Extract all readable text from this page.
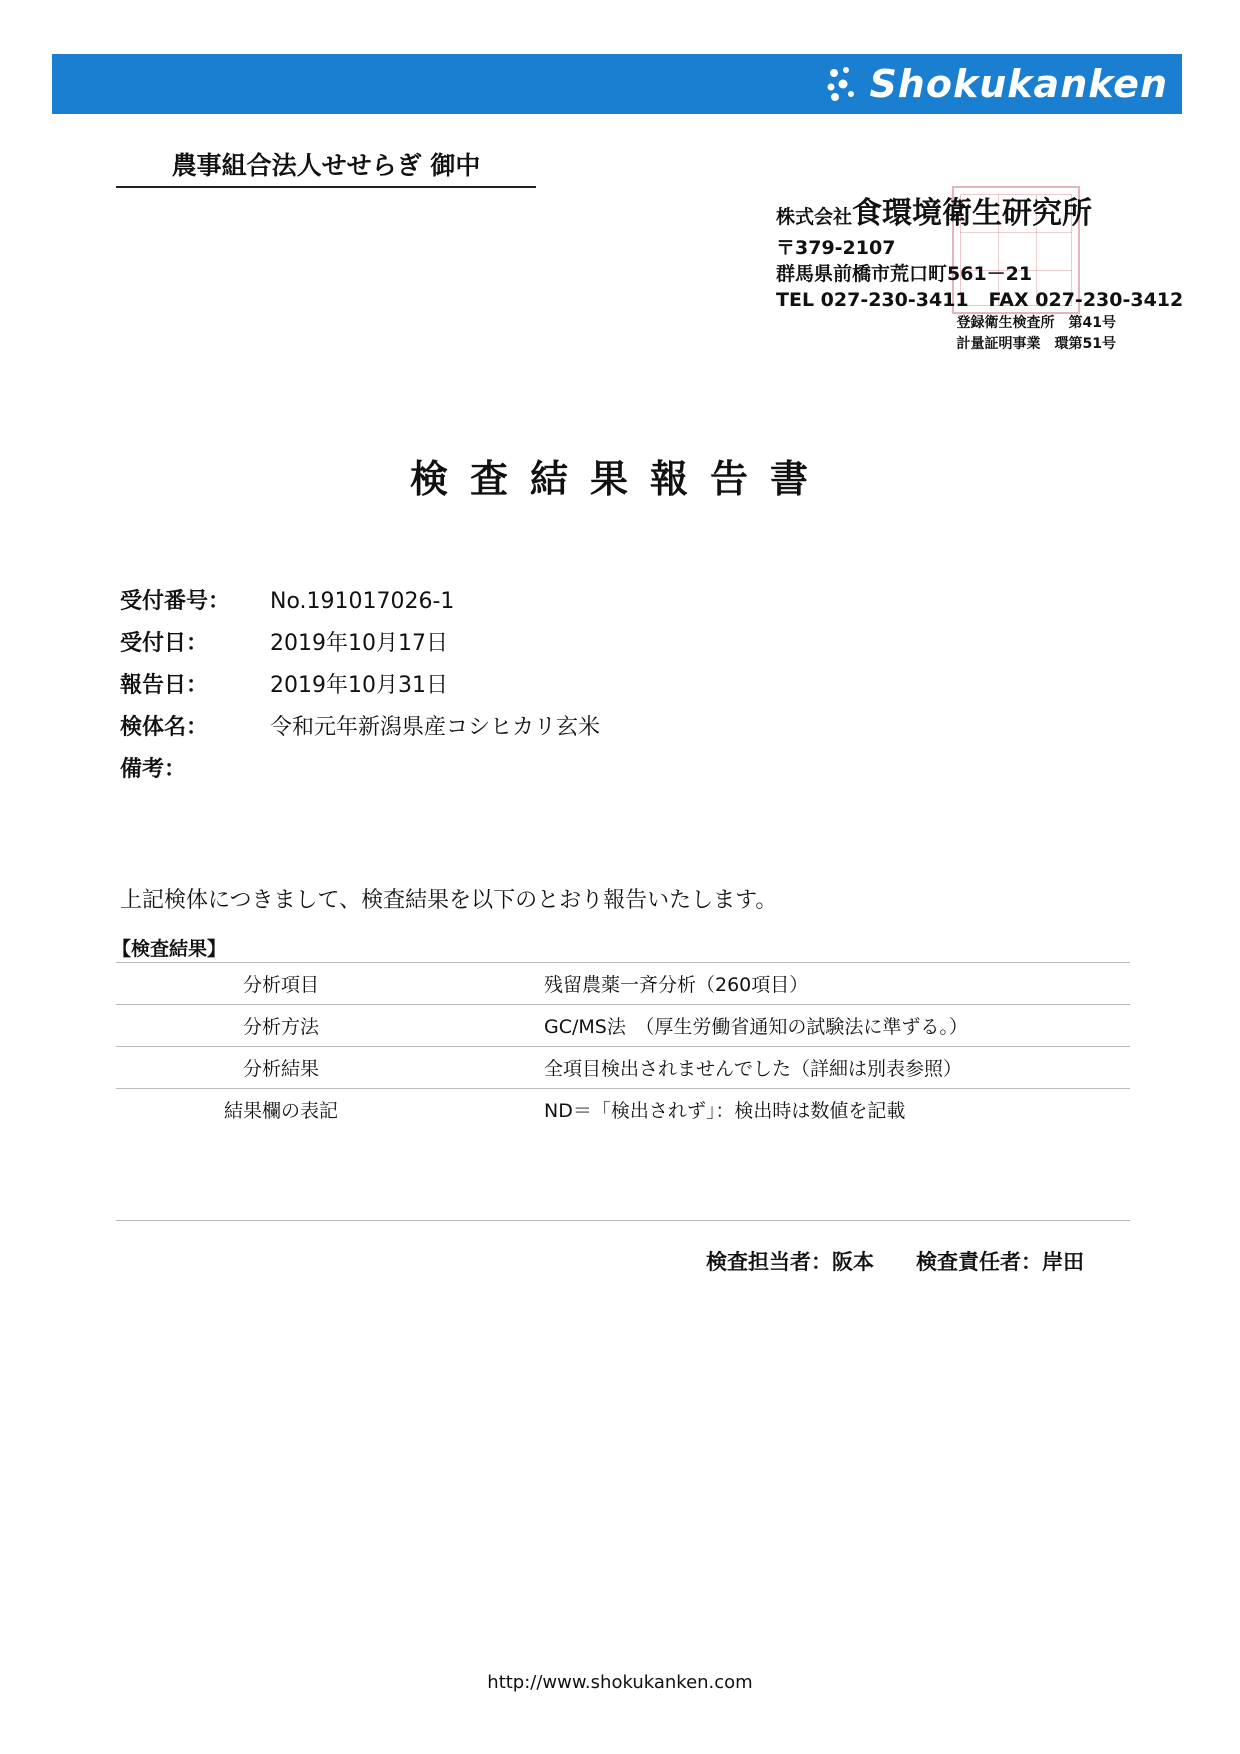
Shokukanken
農事組合法人せせらぎ 御中
株式会社食環境衛生研究所
〒379-2107
群馬県前橋市荒口町561－21
TEL 027-230-3411 FAX 027-230-3412
登録衛生検査所　第41号
計量証明事業　環第51号
検査結果報告書
受付番号： No.191017026-1
受付日：	2019年10月17日
報告日：	2019年10月31日
検体名：	令和元年新潟県産コシヒカリ玄米
備考：
上記検体につきまして、検査結果を以下のとおり報告いたします。
【検査結果】
分析項目	残留農薬一斉分析（260項目）
分析方法	GC/MS法　（厚生労働省通知の試験法に準ずる。）
分析結果	全項目検出されませんでした（詳細は別表参照）
結果欄の表記	ND＝「検出されず」：検出時は数値を記載
検査担当者：阪本 検査責任者：岸田
http://www.shokukanken.com
